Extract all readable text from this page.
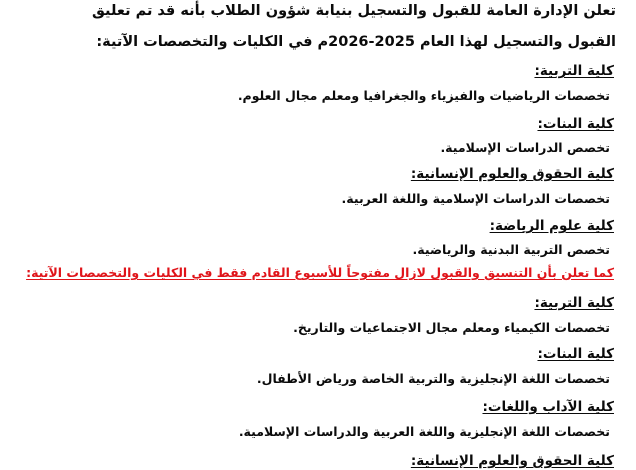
تعلن الإدارة العامة للقبول والتسجيل بنيابة شؤون الطلاب بأنه قد تم تعليق
القبول والتسجيل لهذا العام 2025-2026م في الكليات والتخصصات الآتية:
كلية التربية:
تخصصات الرياضيات والفيزياء والجغرافيا ومعلم مجال العلوم.
كلية البنات:
تخصص الدراسات الإسلامية.
كلية الحقوق والعلوم الإنسانية:
تخصصات الدراسات الإسلامية واللغة العربية.
كلية علوم الرياضة:
تخصص التربية البدنية والرياضية.
كما تعلن بأن التنسيق والقبول لازال مفتوحاً للأسبوع القادم فقط في الكليات والتخصصات الآتية:
كلية التربية:
تخصصات الكيمياء ومعلم مجال الاجتماعيات والتاريخ.
كلية البنات:
تخصصات اللغة الإنجليزية والتربية الخاصة ورياض الأطفال.
كلية الآداب واللغات:
تخصصات اللغة الإنجليزية واللغة العربية والدراسات الإسلامية.
كلية الحقوق والعلوم الإنسانية:
